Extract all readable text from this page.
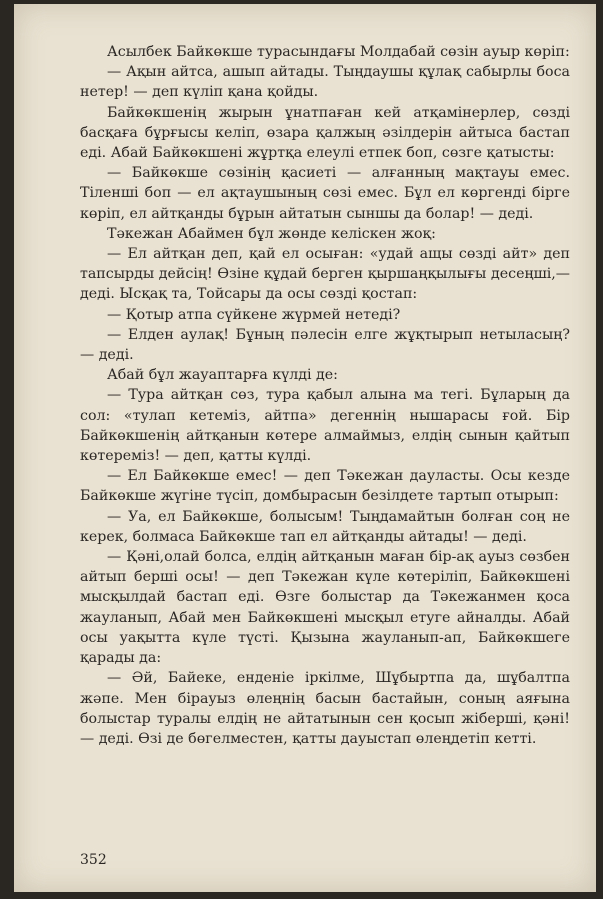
Асылбек Байкөкше турасындағы Молдабай сөзін ауыр көріп:

— Ақын айтса, ашып айтады. Тыңдаушы құлақ сабырлы боса нетер! — деп күліп қана қойды.

Байкөкшенің жырын ұнатпаған кей атқамінерлер, сөзді басқаға бұрғысы келіп, өзара қалжың әзілдерін айтыса бастап еді. Абай Байкөкшені жұртқа елеулі етпек боп, сөзге қатысты:

— Байкөкше сөзінің қасиеті — алғанның мақтауы емес. Тіленші боп — ел ақтаушының сөзі емес. Бұл ел көргенді бірге көріп, ел айтқанды бұрын айтатын сыншы да болар! — деді.

Тәкежан Абаймен бұл жөнде келіскен жоқ:

— Ел айтқан деп, қай ел осыған: «удай ащы сөзді айт» деп тапсырды дейсің! Өзіне құдай берген қыршаңқылығы десеңші,— деді. Ысқақ та, Тойсары да осы сөзді қостап:

— Қотыр атпа сүйкене жүрмей нетеді?

— Елден аулақ! Бұның пәлесін елге жұқтырып нетыласың? — деді.

Абай бұл жауаптарға күлді де:

— Тура айтқан сөз, тура қабыл алына ма тегі. Бұларың да сол: «тулап кетеміз, айтпа» дегеннің нышарасы ғой. Бір Байкөкшенің айтқанын көтере алмаймыз, елдің сынын қайтып көтереміз! — деп, қатты күлді.

— Ел Байкөкше емес! — деп Тәкежан дауласты. Осы кезде Байкөкше жүгіне түсіп, домбырасын безілдете тартып отырып:

— Уа, ел Байкөкше, болысым! Тыңдамайтын болған соң не керек, болмаса Байкөкше тап ел айтқанды айтады! — деді.

— Қәні,олай болса, елдің айтқанын маған бір-ақ ауыз сөзбен айтып берші осы! — деп Тәкежан күле көтеріліп, Байкөкшені мысқылдай бастап еді. Өзге болыстар да Тәкежанмен қоса жауланып, Абай мен Байкөкшені мысқыл етуге айналды. Абай осы уақытта күле түсті. Қызына жауланып-ап, Байкөкшеге қарады да:

— Әй, Байеке, енденіе іркілме, Шұбыртпа да, шұбалтпа жәпе. Мен бірауыз өлеңнің басын бастайын, соның аяғына болыстар туралы елдің не айтатынын сен қосып жіберші, қәні! — деді. Өзі де бөгелместен, қатты дауыстап өлеңдетіп кетті.

352
